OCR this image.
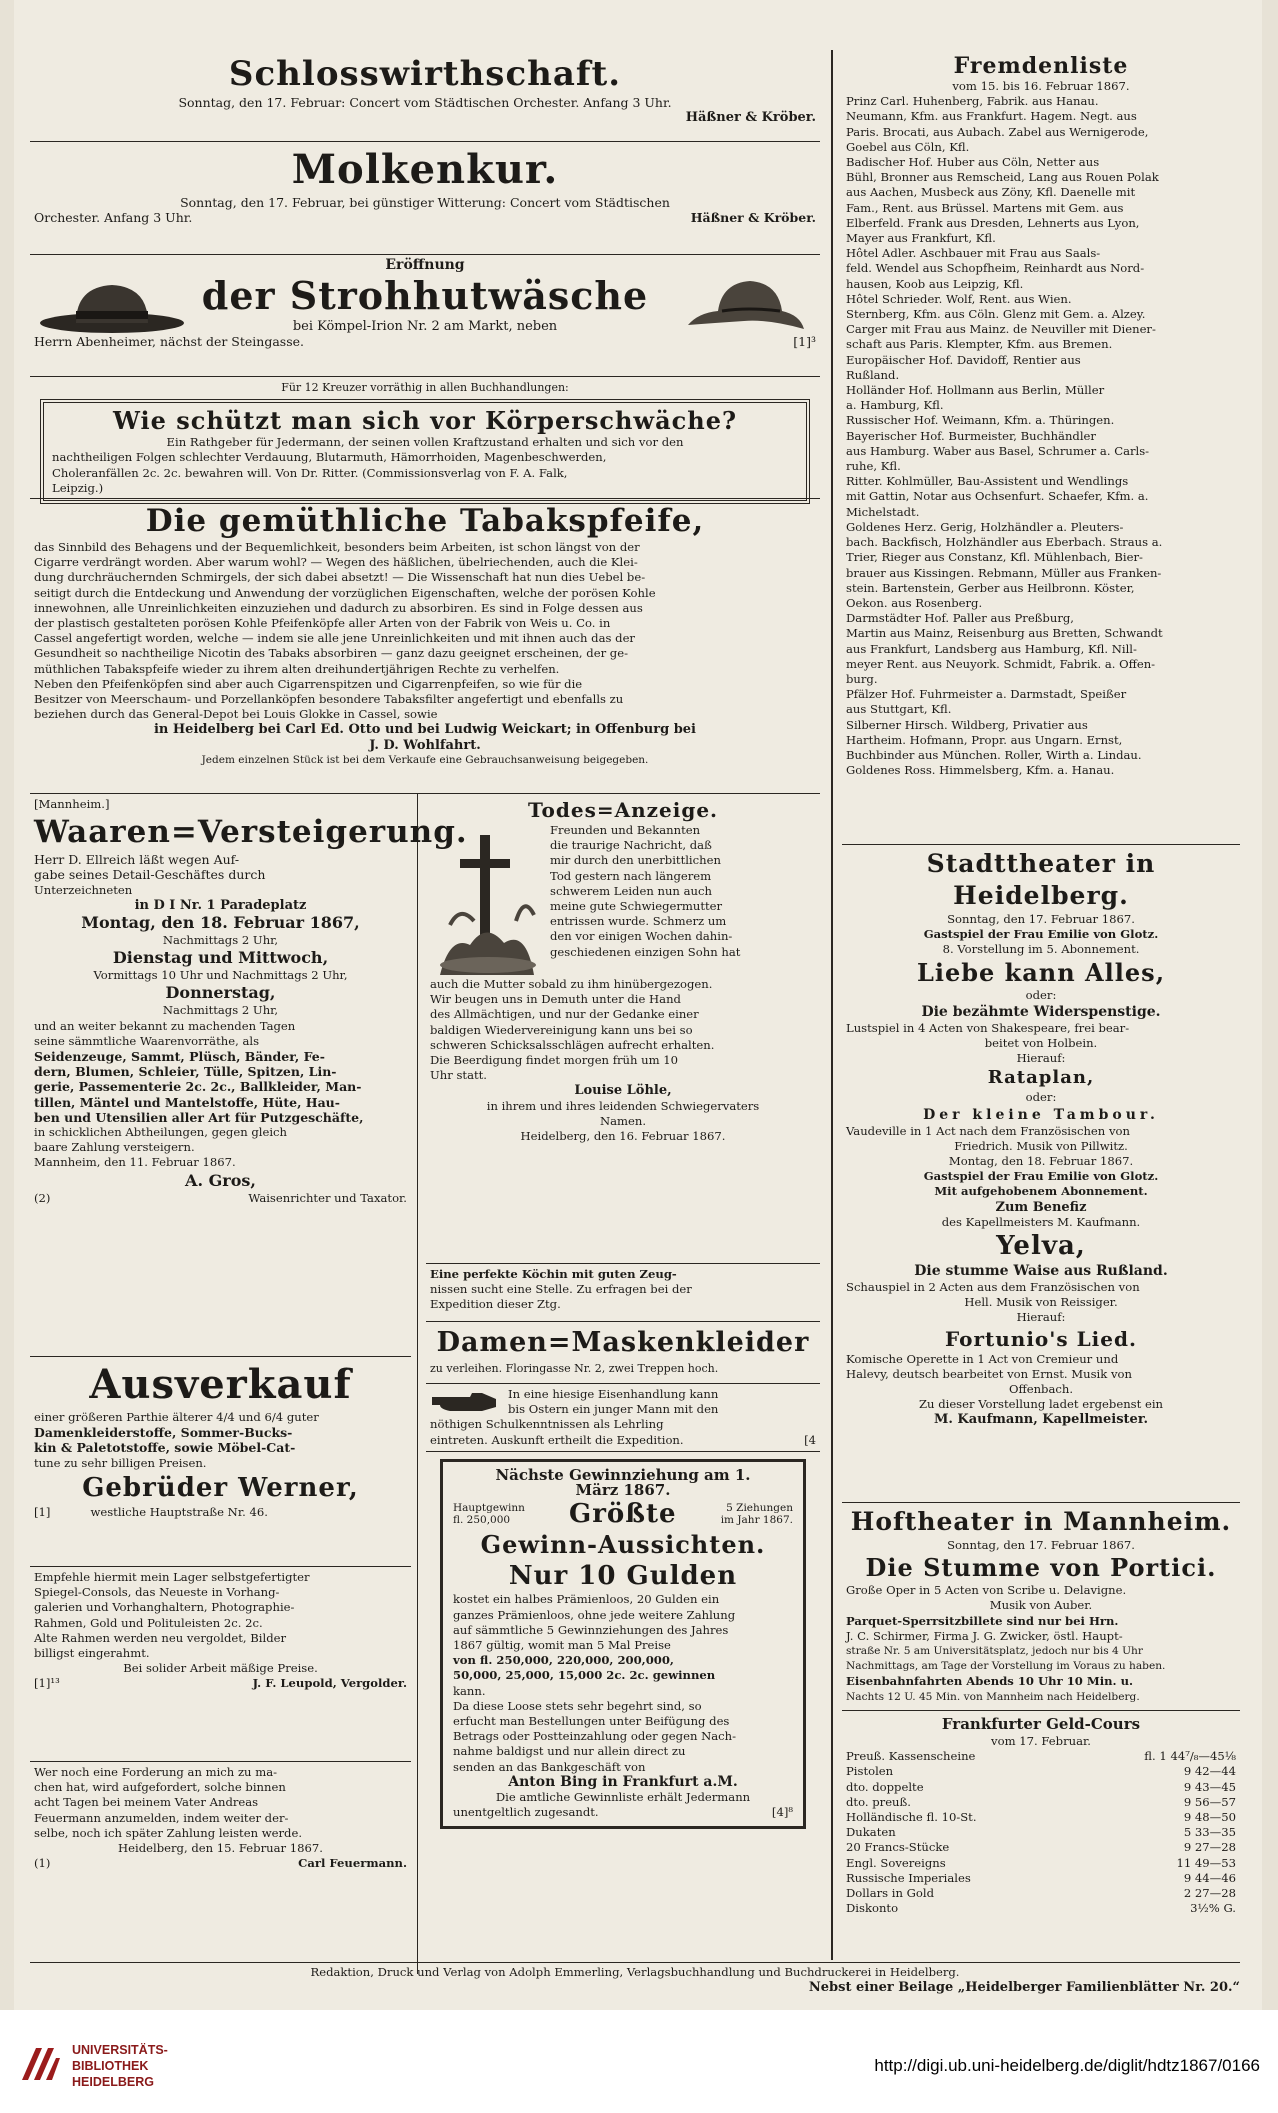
Schlosswirthschaft.
Sonntag, den 17. Februar: Concert vom Städtischen Orchester. Anfang 3 Uhr.
Häßner & Kröber.
Molkenkur.
Sonntag, den 17. Februar, bei günstiger Witterung: Concert vom Städtischen
Orchester. Anfang 3 Uhr.	Häßner & Kröber.
Eröffnung
der Strohhutwäsche
bei Kömpel-Irion Nr. 2 am Markt, neben
Herrn Abenheimer, nächst der Steingasse.	[1]³
Für 12 Kreuzer vorräthig in allen Buchhandlungen:
Wie schützt man sich vor Körperschwäche?

Ein Rathgeber für Jedermann, der seinen vollen Kraftzustand erhalten und sich vor den

nachtheiligen Folgen schlechter Verdauung, Blutarmuth, Hämorrhoiden, Magenbeschwerden,

Choleranfällen 2c. 2c. bewahren will. Von Dr. Ritter. (Commissionsverlag von F. A. Falk,

Leipzig.)

Die gemüthliche Tabakspfeife,

das Sinnbild des Behagens und der Bequemlichkeit, besonders beim Arbeiten, ist schon längst von der

Cigarre verdrängt worden. Aber warum wohl? — Wegen des häßlichen, übelriechenden, auch die Klei-

dung durchräuchernden Schmirgels, der sich dabei absetzt! — Die Wissenschaft hat nun dies Uebel be-

seitigt durch die Entdeckung und Anwendung der vorzüglichen Eigenschaften, welche der porösen Kohle

innewohnen, alle Unreinlichkeiten einzuziehen und dadurch zu absorbiren. Es sind in Folge dessen aus

der plastisch gestalteten porösen Kohle Pfeifenköpfe aller Arten von der Fabrik von Weis u. Co. in

Cassel angefertigt worden, welche — indem sie alle jene Unreinlichkeiten und mit ihnen auch das der

Gesundheit so nachtheilige Nicotin des Tabaks absorbiren — ganz dazu geeignet erscheinen, der ge-

müthlichen Tabakspfeife wieder zu ihrem alten dreihundertjährigen Rechte zu verhelfen.

Neben den Pfeifenköpfen sind aber auch Cigarrenspitzen und Cigarrenpfeifen, so wie für die

Besitzer von Meerschaum- und Porzellanköpfen besondere Tabaksfilter angefertigt und ebenfalls zu

beziehen durch das General-Depot bei Louis Glokke in Cassel, sowie

in Heidelberg bei Carl Ed. Otto und bei Ludwig Weickart; in Offenburg bei

J. D. Wohlfahrt.

Jedem einzelnen Stück ist bei dem Verkaufe eine Gebrauchsanweisung beigegeben.

[Mannheim.]

Waaren=Versteigerung.

Herr D. Ellreich läßt wegen Auf-

gabe seines Detail-Geschäftes durch

Unterzeichneten

in D I Nr. 1 Paradeplatz

Montag, den 18. Februar 1867,

Nachmittags 2 Uhr,

Dienstag und Mittwoch,

Vormittags 10 Uhr und Nachmittags 2 Uhr,

Donnerstag,

Nachmittags 2 Uhr,

und an weiter bekannt zu machenden Tagen

seine sämmtliche Waarenvorräthe, als

Seidenzeuge, Sammt, Plüsch, Bänder, Fe-

dern, Blumen, Schleier, Tülle, Spitzen, Lin-

gerie, Passementerie 2c. 2c., Ballkleider, Man-

tillen, Mäntel und Mantelstoffe, Hüte, Hau-

ben und Utensilien aller Art für Putzgeschäfte,

in schicklichen Abtheilungen, gegen gleich

baare Zahlung versteigern.

Mannheim, den 11. Februar 1867.

A. Gros,

(2)	Waisenrichter und Taxator.
Ausverkauf

einer größeren Parthie älterer 4/4 und 6/4 guter

Damenkleiderstoffe, Sommer-Bucks-

kin & Paletotstoffe, sowie Möbel-Cat-

tune zu sehr billigen Preisen.

Gebrüder Werner,
[1]	westliche Hauptstraße Nr. 46.

Empfehle hiermit mein Lager selbstgefertigter

Spiegel-Consols, das Neueste in Vorhang-

galerien und Vorhanghaltern, Photographie-

Rahmen, Gold und Polituleisten 2c. 2c.

Alte Rahmen werden neu vergoldet, Bilder

billigst eingerahmt.

Bei solider Arbeit mäßige Preise.

[1]¹³	J. F. Leupold, Vergolder.

Wer noch eine Forderung an mich zu ma-

chen hat, wird aufgefordert, solche binnen

acht Tagen bei meinem Vater Andreas

Feuermann anzumelden, indem weiter der-

selbe, noch ich später Zahlung leisten werde.

Heidelberg, den 15. Februar 1867.

(1)	Carl Feuermann.
Todes=Anzeige.

Freunden und Bekannten

die traurige Nachricht, daß

mir durch den unerbittlichen

Tod gestern nach längerem

schwerem Leiden nun auch

meine gute Schwiegermutter

entrissen wurde. Schmerz um

den vor einigen Wochen dahin-

geschiedenen einzigen Sohn hat

auch die Mutter sobald zu ihm hinübergezogen.

Wir beugen uns in Demuth unter die Hand

des Allmächtigen, und nur der Gedanke einer

baldigen Wiedervereinigung kann uns bei so

schweren Schicksalsschlägen aufrecht erhalten.

Die Beerdigung findet morgen früh um 10

Uhr statt.

Louise Löhle,

in ihrem und ihres leidenden Schwiegervaters

Namen.

Heidelberg, den 16. Februar 1867.

Eine perfekte Köchin mit guten Zeug-

nissen sucht eine Stelle. Zu erfragen bei der

Expedition dieser Ztg.

Damen=Maskenkleider

zu verleihen. Floringasse Nr. 2, zwei Treppen hoch.

In eine hiesige Eisenhandlung kann

bis Ostern ein junger Mann mit den

nöthigen Schulkenntnissen als Lehrling

eintreten. Auskunft ertheilt die Expedition.	[4
Nächste Gewinnziehung am 1.
März 1867.
Hauptgewinn
fl. 250,000	Größte	5 Ziehungen
im Jahr 1867.
Gewinn-Aussichten.
Nur 10 Gulden

kostet ein halbes Prämienloos, 20 Gulden ein

ganzes Prämienloos, ohne jede weitere Zahlung

auf sämmtliche 5 Gewinnziehungen des Jahres

1867 gültig, womit man 5 Mal Preise

von fl. 250,000, 220,000, 200,000,

50,000, 25,000, 15,000 2c. 2c. gewinnen

kann.

Da diese Loose stets sehr begehrt sind, so

erfucht man Bestellungen unter Beifügung des

Betrags oder Postteinzahlung oder gegen Nach-

nahme baldigst und nur allein direct zu

senden an das Bankgeschäft von

Anton Bing in Frankfurt a.M.

Die amtliche Gewinnliste erhält Jedermann

unentgeltlich zugesandt.	[4]⁸
Fremdenliste
vom 15. bis 16. Februar 1867.

Prinz Carl. Huhenberg, Fabrik. aus Hanau.

Neumann, Kfm. aus Frankfurt. Hagem. Negt. aus

Paris. Brocati, aus Aubach. Zabel aus Wernigerode,

Goebel aus Cöln, Kfl.

Badischer Hof. Huber aus Cöln, Netter aus

Bühl, Bronner aus Remscheid, Lang aus Rouen Polak

aus Aachen, Musbeck aus Zöny, Kfl. Daenelle mit

Fam., Rent. aus Brüssel. Martens mit Gem. aus

Elberfeld. Frank aus Dresden, Lehnerts aus Lyon,

Mayer aus Frankfurt, Kfl.

Hôtel Adler. Aschbauer mit Frau aus Saals-

feld. Wendel aus Schopfheim, Reinhardt aus Nord-

hausen, Koob aus Leipzig, Kfl.

Hôtel Schrieder. Wolf, Rent. aus Wien.

Sternberg, Kfm. aus Cöln. Glenz mit Gem. a. Alzey.

Carger mit Frau aus Mainz. de Neuviller mit Diener-

schaft aus Paris. Klempter, Kfm. aus Bremen.

Europäischer Hof. Davidoff, Rentier aus

Rußland.

Holländer Hof. Hollmann aus Berlin, Müller

a. Hamburg, Kfl.

Russischer Hof. Weimann, Kfm. a. Thüringen.

Bayerischer Hof. Burmeister, Buchhändler

aus Hamburg. Waber aus Basel, Schrumer a. Carls-

ruhe, Kfl.

Ritter. Kohlmüller, Bau-Assistent und Wendlings

mit Gattin, Notar aus Ochsenfurt. Schaefer, Kfm. a.

Michelstadt.

Goldenes Herz. Gerig, Holzhändler a. Pleuters-

bach. Backfisch, Holzhändler aus Eberbach. Straus a.

Trier, Rieger aus Constanz, Kfl. Mühlenbach, Bier-

brauer aus Kissingen. Rebmann, Müller aus Franken-

stein. Bartenstein, Gerber aus Heilbronn. Köster,

Oekon. aus Rosenberg.

Darmstädter Hof. Paller aus Preßburg,

Martin aus Mainz, Reisenburg aus Bretten, Schwandt

aus Frankfurt, Landsberg aus Hamburg, Kfl. Nill-

meyer Rent. aus Neuyork. Schmidt, Fabrik. a. Offen-

burg.

Pfälzer Hof. Fuhrmeister a. Darmstadt, Speißer

aus Stuttgart, Kfl.

Silberner Hirsch. Wildberg, Privatier aus

Hartheim. Hofmann, Propr. aus Ungarn. Ernst,

Buchbinder aus München. Roller, Wirth a. Lindau.

Goldenes Ross. Himmelsberg, Kfm. a. Hanau.

Stadttheater in Heidelberg.

Sonntag, den 17. Februar 1867.

Gastspiel der Frau Emilie von Glotz.

8. Vorstellung im 5. Abonnement.

Liebe kann Alles,

oder:

Die bezähmte Widerspenstige.

Lustspiel in 4 Acten von Shakespeare, frei bear-

beitet von Holbein.

Hierauf:

Rataplan,

oder:

Der kleine Tambour.

Vaudeville in 1 Act nach dem Französischen von

Friedrich. Musik von Pillwitz.

Montag, den 18. Februar 1867.

Gastspiel der Frau Emilie von Glotz.

Mit aufgehobenem Abonnement.

Zum Benefiz

des Kapellmeisters M. Kaufmann.

Yelva,

Die stumme Waise aus Rußland.

Schauspiel in 2 Acten aus dem Französischen von

Hell. Musik von Reissiger.

Hierauf:

Fortunio's Lied.

Komische Operette in 1 Act von Cremieur und

Halevy, deutsch bearbeitet von Ernst. Musik von

Offenbach.

Zu dieser Vorstellung ladet ergebenst ein

M. Kaufmann, Kapellmeister.

Hoftheater in Mannheim.

Sonntag, den 17. Februar 1867.

Die Stumme von Portici.

Große Oper in 5 Acten von Scribe u. Delavigne.

Musik von Auber.

Parquet-Sperrsitzbillete sind nur bei Hrn.

J. C. Schirmer, Firma J. G. Zwicker, östl. Haupt-

straße Nr. 5 am Universitätsplatz, jedoch nur bis 4 Uhr

Nachmittags, am Tage der Vorstellung im Voraus zu haben.

Eisenbahnfahrten Abends 10 Uhr 10 Min. u.

Nachts 12 U. 45 Min. von Mannheim nach Heidelberg.

Frankfurter Geld-Cours
vom 17. Februar.
Preuß. Kassenscheine	fl. 1 44⁷/₈—45⅛
Pistolen	9 42—44
dto. doppelte	9 43—45
dto. preuß.	9 56—57
Holländische fl. 10-St.	9 48—50
Dukaten	5 33—35
20 Francs-Stücke	9 27—28
Engl. Sovereigns	11 49—53
Russische Imperiales	9 44—46
Dollars in Gold	2 27—28
Diskonto	3½% G.
Redaktion, Druck und Verlag von Adolph Emmerling, Verlagsbuchhandlung und Buchdruckerei in Heidelberg.
Nebst einer Beilage „Heidelberger Familienblätter Nr. 20.“
UNIVERSITÄTS-
BIBLIOTHEK
HEIDELBERG
http://digi.ub.uni-heidelberg.de/diglit/hdtz1867/0166
